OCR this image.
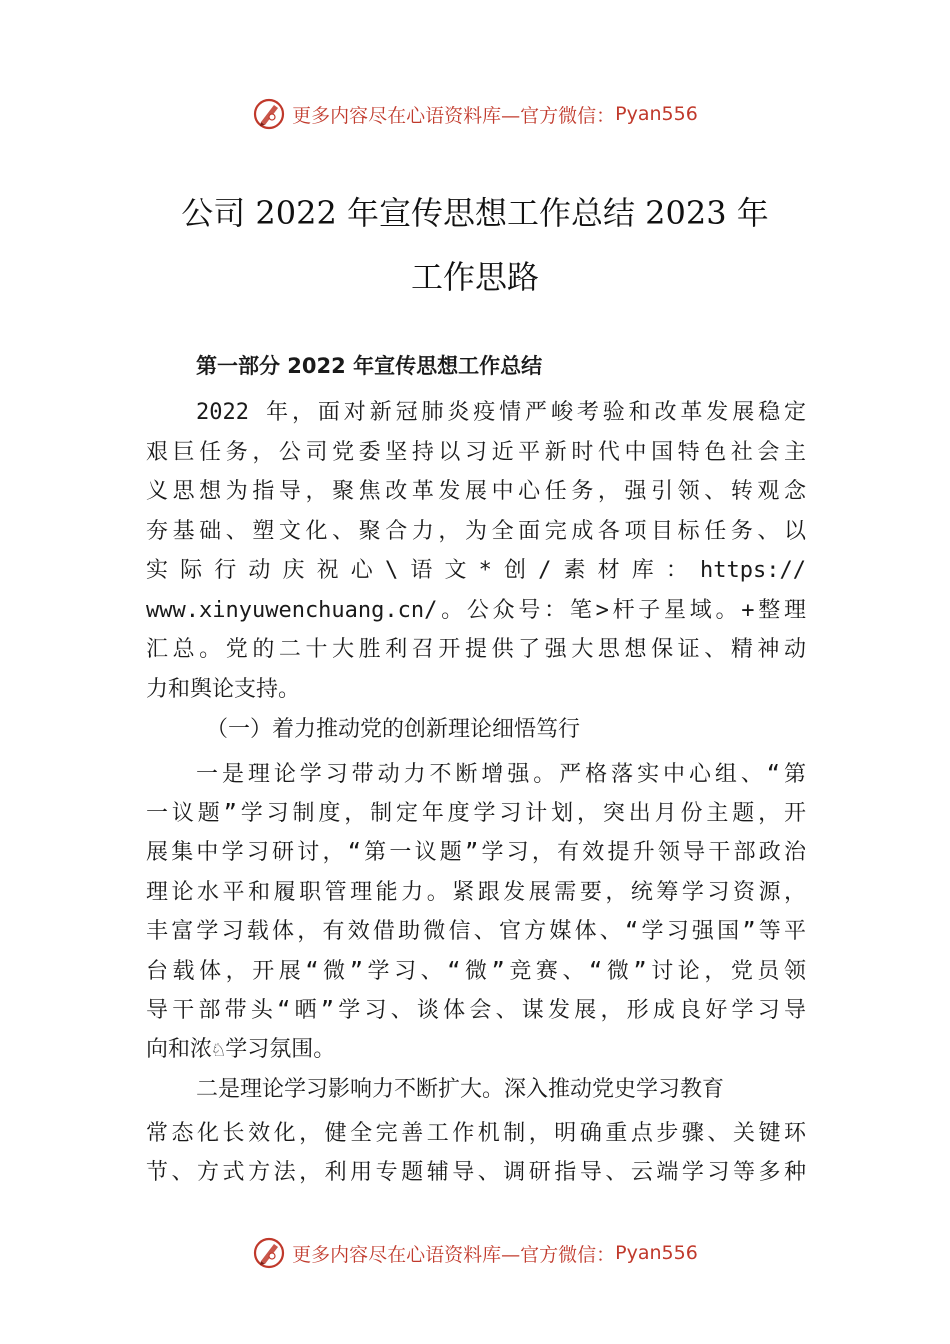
更多内容尽在心语资料库—官方微信： Pyan556
公司 2022 年宣传思想工作总结 2023 年
工作思路
第一部分 2022 年宣传思想工作总结
2022 年，面对新冠肺炎疫情严峻考验和改革发展稳定
艰巨任务，公司党委坚持以习近平新时代中国特色社会主
义思想为指导，聚焦改革发展中心任务，强引领、转观念
夯基础、塑文化、聚合力，为全面完成各项目标任务、以
实际行动庆祝心\语文*创/素材库：https://
www.xinyuwenchuang.cn/。公众号：笔>杆子星域。+整理
汇总。党的二十大胜利召开提供了强大思想保证、精神动
力和舆论支持。
（一）着力推动党的创新理论细悟笃行
一是理论学习带动力不断增强。严格落实中心组、“第
一议题”学习制度，制定年度学习计划，突出月份主题，开
展集中学习研讨，“第一议题”学习，有效提升领导干部政治
理论水平和履职管理能力。紧跟发展需要，统筹学习资源，
丰富学习载体，有效借助微信、官方媒体、“学习强国”等平
台载体，开展“微”学习、“微”竞赛、“微”讨论，党员领
导干部带头“晒”学习、谈体会、谋发展，形成良好学习导
向和浓♘学习氛围。
二是理论学习影响力不断扩大。深入推动党史学习教育
常态化长效化，健全完善工作机制，明确重点步骤、关键环
节、方式方法，利用专题辅导、调研指导、云端学习等多种
更多内容尽在心语资料库—官方微信： Pyan556
